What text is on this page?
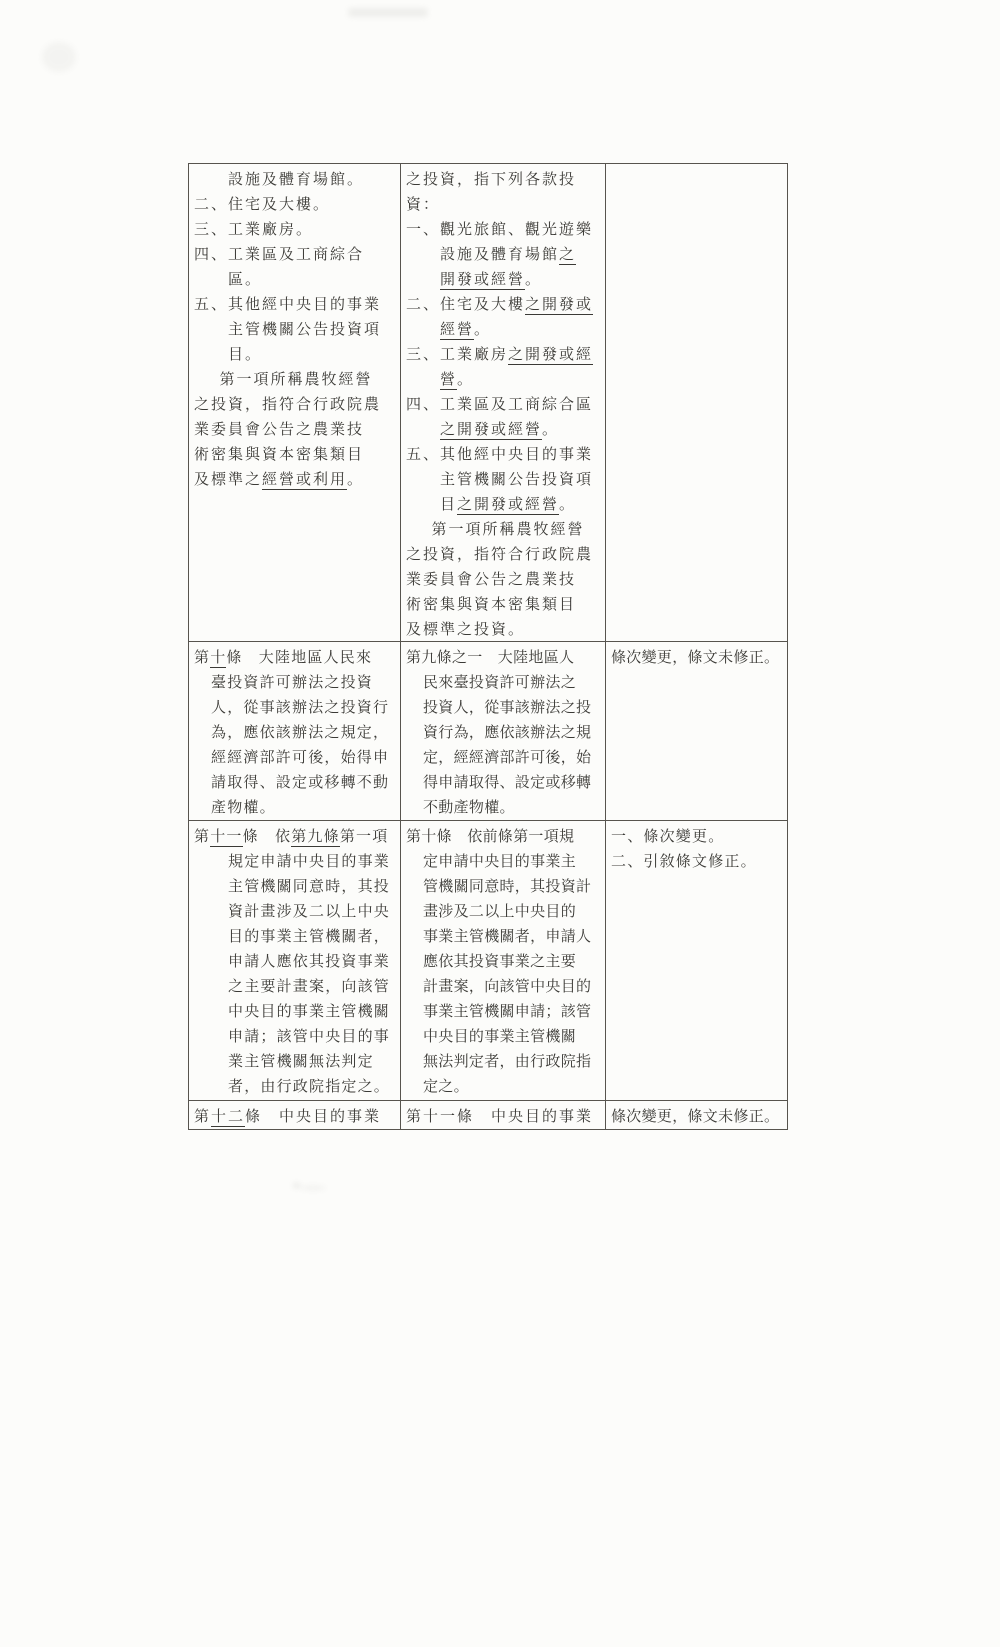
設施及體育場館。
二、住宅及大樓。
三、工業廠房。
四、工業區及工商綜合
區。
五、其他經中央目的事業
主管機關公告投資項
目。
第一項所稱農牧經營
之投資，指符合行政院農
業委員會公告之農業技
術密集與資本密集類目
及標準之經營或利用。
之投資，指下列各款投
資：
一、觀光旅館、觀光遊樂
設施及體育場館之
開發或經營。
二、住宅及大樓之開發或
經營。
三、工業廠房之開發或經
營。
四、工業區及工商綜合區
之開發或經營。
五、其他經中央目的事業
主管機關公告投資項
目之開發或經營。
第一項所稱農牧經營
之投資，指符合行政院農
業委員會公告之農業技
術密集與資本密集類目
及標準之投資。
第十條　大陸地區人民來
臺投資許可辦法之投資
人，從事該辦法之投資行
為，應依該辦法之規定，
經經濟部許可後，始得申
請取得、設定或移轉不動
產物權。
第九條之一　大陸地區人
民來臺投資許可辦法之
投資人，從事該辦法之投
資行為，應依該辦法之規
定，經經濟部許可後，始
得申請取得、設定或移轉
不動產物權。
條次變更，條文未修正。
第十一條　依第九條第一項
規定申請中央目的事業
主管機關同意時，其投
資計畫涉及二以上中央
目的事業主管機關者，
申請人應依其投資事業
之主要計畫案，向該管
中央目的事業主管機關
申請；該管中央目的事
業主管機關無法判定
者，由行政院指定之。
第十條　依前條第一項規
定申請中央目的事業主
管機關同意時，其投資計
畫涉及二以上中央目的
事業主管機關者，申請人
應依其投資事業之主要
計畫案，向該管中央目的
事業主管機關申請；該管
中央目的事業主管機關
無法判定者，由行政院指
定之。
一、條次變更。
二、引敘條文修正。
第十二條　中央目的事業	第十一條　中央目的事業	條次變更，條文未修正。
